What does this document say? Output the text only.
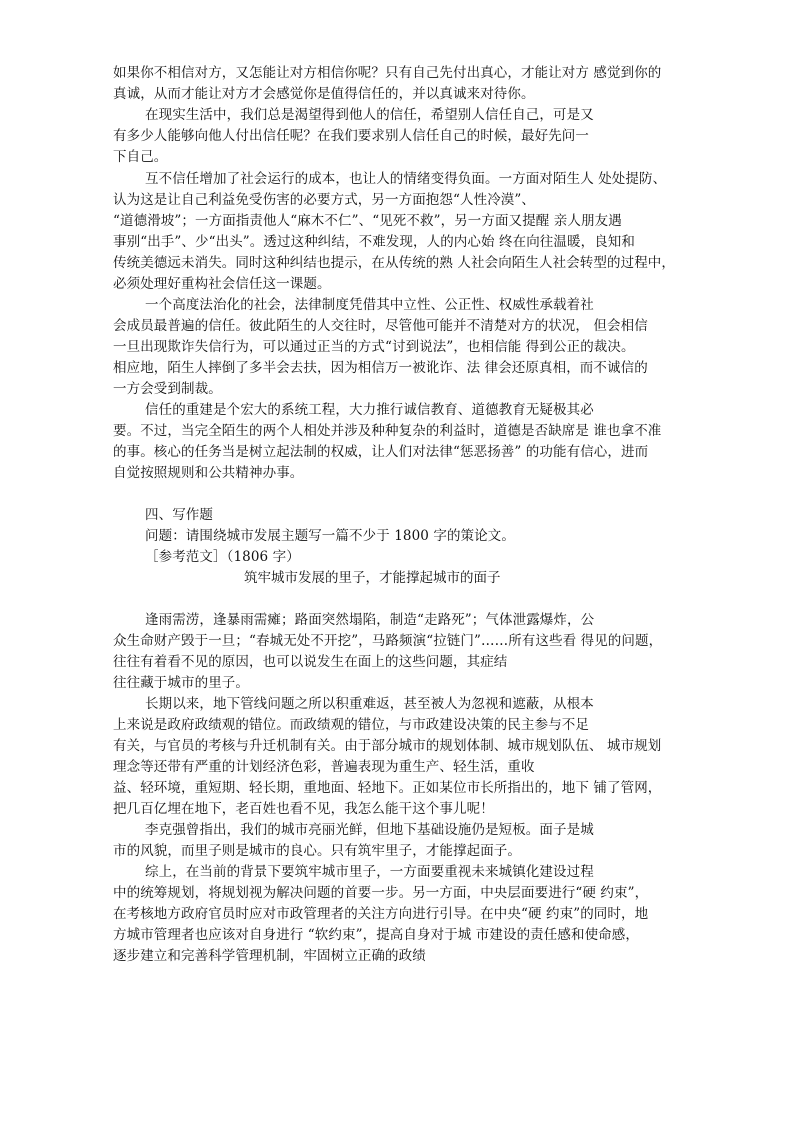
如果你不相信对方，又怎能让对方相信你呢？只有自己先付出真心，才能让对方 感觉到你的
真诚，从而才能让对方才会感觉你是值得信任的，并以真诚来对待你。
在现实生活中，我们总是渴望得到他人的信任，希望别人信任自己，可是又
有多少人能够向他人付出信任呢？在我们要求别人信任自己的时候，最好先问一
下自己。
互不信任增加了社会运行的成本，也让人的情绪变得负面。一方面对陌生人 处处提防、
认为这是让自己利益免受伤害的必要方式，另一方面抱怨“人性冷漠”、
“道德滑坡”；一方面指责他人“麻木不仁”、“见死不救”，另一方面又提醒 亲人朋友遇
事别“出手”、少“出头”。透过这种纠结，不难发现，人的内心始 终在向往温暖，良知和
传统美德远未消失。同时这种纠结也提示，在从传统的熟 人社会向陌生人社会转型的过程中，
必须处理好重构社会信任这一课题。
一个高度法治化的社会，法律制度凭借其中立性、公正性、权威性承载着社
会成员最普遍的信任。彼此陌生的人交往时，尽管他可能并不清楚对方的状况， 但会相信
一旦出现欺诈失信行为，可以通过正当的方式“讨到说法”，也相信能 得到公正的裁决。
相应地，陌生人摔倒了多半会去扶，因为相信万一被讹诈、法 律会还原真相，而不诚信的
一方会受到制裁。
信任的重建是个宏大的系统工程，大力推行诚信教育、道德教育无疑极其必
要。不过，当完全陌生的两个人相处并涉及种种复杂的利益时，道德是否缺席是 谁也拿不准
的事。核心的任务当是树立起法制的权威，让人们对法律“惩恶扬善” 的功能有信心，进而
自觉按照规则和公共精神办事。
四、写作题
问题：请围绕城市发展主题写一篇不少于 1800 字的策论文。
［参考范文］（1806 字）
筑牢城市发展的里子，才能撑起城市的面子
逢雨需涝，逢暴雨需瘫；路面突然塌陷，制造“走路死”；气体泄露爆炸，公
众生命财产毁于一旦；“春城无处不开挖”，马路频演“拉链门”……所有这些看 得见的问题，
往往有着看不见的原因，也可以说发生在面上的这些问题，其症结
往往藏于城市的里子。
长期以来，地下管线问题之所以积重难返，甚至被人为忽视和遮蔽，从根本
上来说是政府政绩观的错位。而政绩观的错位，与市政建设决策的民主参与不足
有关，与官员的考核与升迁机制有关。由于部分城市的规划体制、城市规划队伍、 城市规划
理念等还带有严重的计划经济色彩，普遍表现为重生产、轻生活，重收
益、轻环境，重短期、轻长期，重地面、轻地下。正如某位市长所指出的，地下 铺了管网，
把几百亿埋在地下，老百姓也看不见，我怎么能干这个事儿呢！
李克强曾指出，我们的城市亮丽光鲜，但地下基础设施仍是短板。面子是城
市的风貌，而里子则是城市的良心。只有筑牢里子，才能撑起面子。
综上，在当前的背景下要筑牢城市里子，一方面要重视未来城镇化建设过程
中的统筹规划，将规划视为解决问题的首要一步。另一方面，中央层面要进行“硬 约束”，
在考核地方政府官员时应对市政管理者的关注方向进行引导。在中央“硬 约束”的同时，地
方城市管理者也应该对自身进行 “软约束”，提高自身对于城 市建设的责任感和使命感，
逐步建立和完善科学管理机制，牢固树立正确的政绩
